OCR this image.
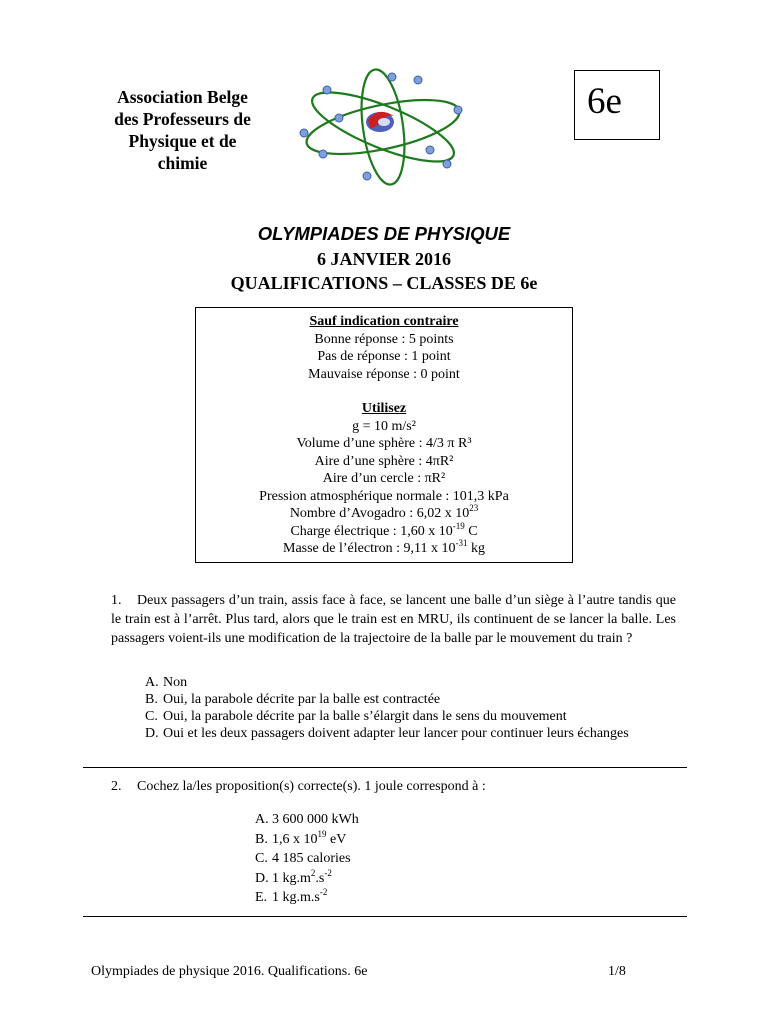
Association Belge
des Professeurs de
Physique et de
chimie
6e
OLYMPIADES DE PHYSIQUE
6 JANVIER 2016
QUALIFICATIONS – CLASSES DE 6e
Sauf indication contraire
Bonne réponse : 5 points
Pas de réponse : 1 point
Mauvaise réponse : 0 point
Utilisez
g = 10 m/s²
Volume d’une sphère : 4/3 π R³
Aire d’une sphère : 4πR²
Aire d’un cercle : πR²
Pression atmosphérique normale : 101,3 kPa
Nombre d’Avogadro : 6,02 x $10^{23}$
Charge électrique : 1,60 x $10^{-19}$ C
Masse de l’électron : 9,11 x $10^{-31}$ kg
1. Deux passagers d’un train, assis face à face, se lancent une balle d’un siège à l’autre tandis que le train est à l’arrêt. Plus tard, alors que le train est en MRU, ils continuent de se lancer la balle. Les passagers voient-ils une modification de la trajectoire de la balle par le mouvement du train ?
A. Non
B. Oui, la parabole décrite par la balle est contractée
C. Oui, la parabole décrite par la balle s’élargit dans le sens du mouvement
D. Oui et les deux passagers doivent adapter leur lancer pour continuer leurs échanges
2. Cochez la/les proposition(s) correcte(s). 1 joule correspond à :
A. 3 600 000 kWh
B. 1,6 x $10^{19}$ eV
C. 4 185 calories
D. 1 $kg.m^2.s^{-2}$
E. 1 $kg.m.s^{-2}$
Olympiades de physique 2016. Qualifications. 6e	1/8
